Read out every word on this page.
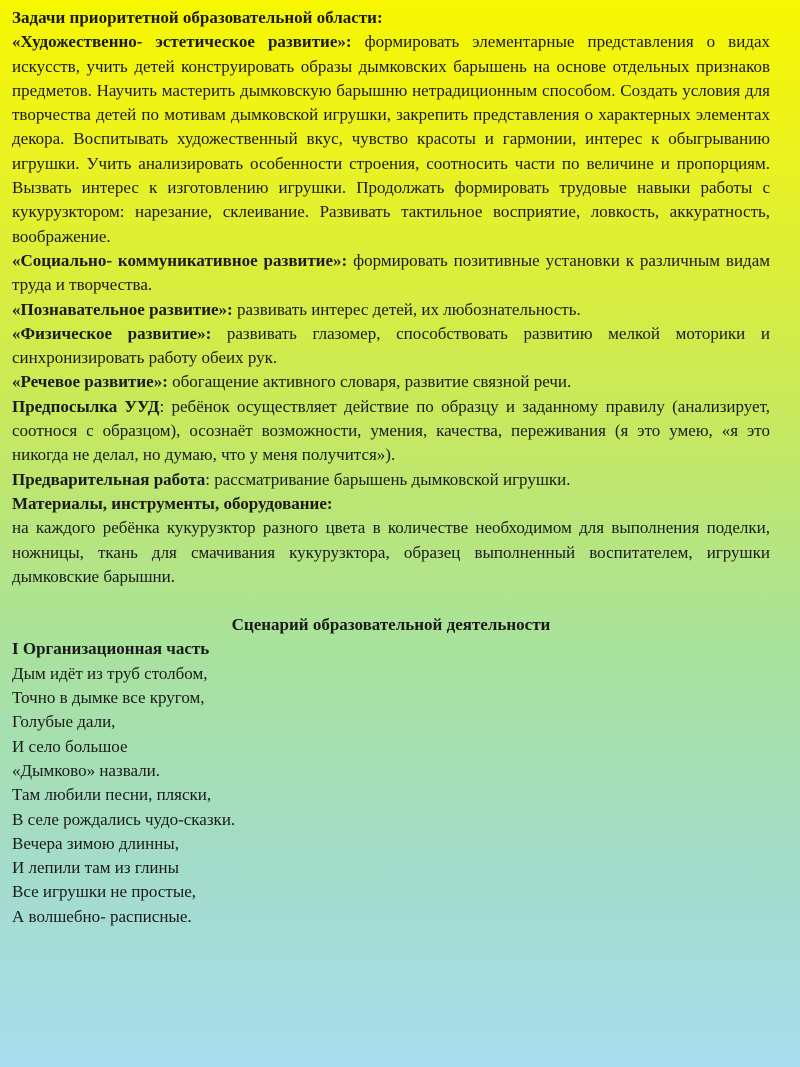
Задачи приоритетной образовательной области:

«Художественно- эстетическое развитие»: формировать элементарные представления о видах искусств, учить детей конструировать образы дымковских барышень на основе отдельных признаков предметов. Научить мастерить дымковскую барышню нетрадиционным способом. Создать условия для творчества детей по мотивам дымковской игрушки, закрепить представления о характерных элементах декора. Воспитывать художественный вкус, чувство красоты и гармонии, интерес к обыгрыванию игрушки. Учить анализировать особенности строения, соотносить части по величине и пропорциям. Вызвать интерес к изготовлению игрушки. Продолжать формировать трудовые навыки работы с кукурузктором: нарезание, склеивание. Развивать тактильное восприятие, ловкость, аккуратность, воображение.

«Социально- коммуникативное развитие»: формировать позитивные установки к различным видам труда и творчества.

«Познавательное развитие»: развивать интерес детей, их любознательность.

«Физическое развитие»: развивать глазомер, способствовать развитию мелкой моторики и синхронизировать работу обеих рук.

«Речевое развитие»: обогащение активного словаря, развитие связной речи.

Предпосылка УУД: ребёнок осуществляет действие по образцу и заданному правилу (анализирует, соотнося с образцом), осознаёт возможности, умения, качества, переживания (я это умею, «я это никогда не делал, но думаю, что у меня получится»).

Предварительная работа: рассматривание барышень дымковской игрушки.

Материалы, инструменты, оборудование:

на каждого ребёнка кукурузктор разного цвета в количестве необходимом для выполнения поделки, ножницы, ткань для смачивания кукурузктора, образец выполненный воспитателем, игрушки дымковские барышни.

Сценарий образовательной деятельности

I Организационная часть

Дым идёт из труб столбом,
Точно в дымке все кругом,
Голубые дали,
И село большое
«Дымково» назвали.
Там любили песни, пляски,
В селе рождались чудо-сказки.
Вечера зимою длинны,
И лепили там из глины
Все игрушки не простые,
А волшебно- расписные.
